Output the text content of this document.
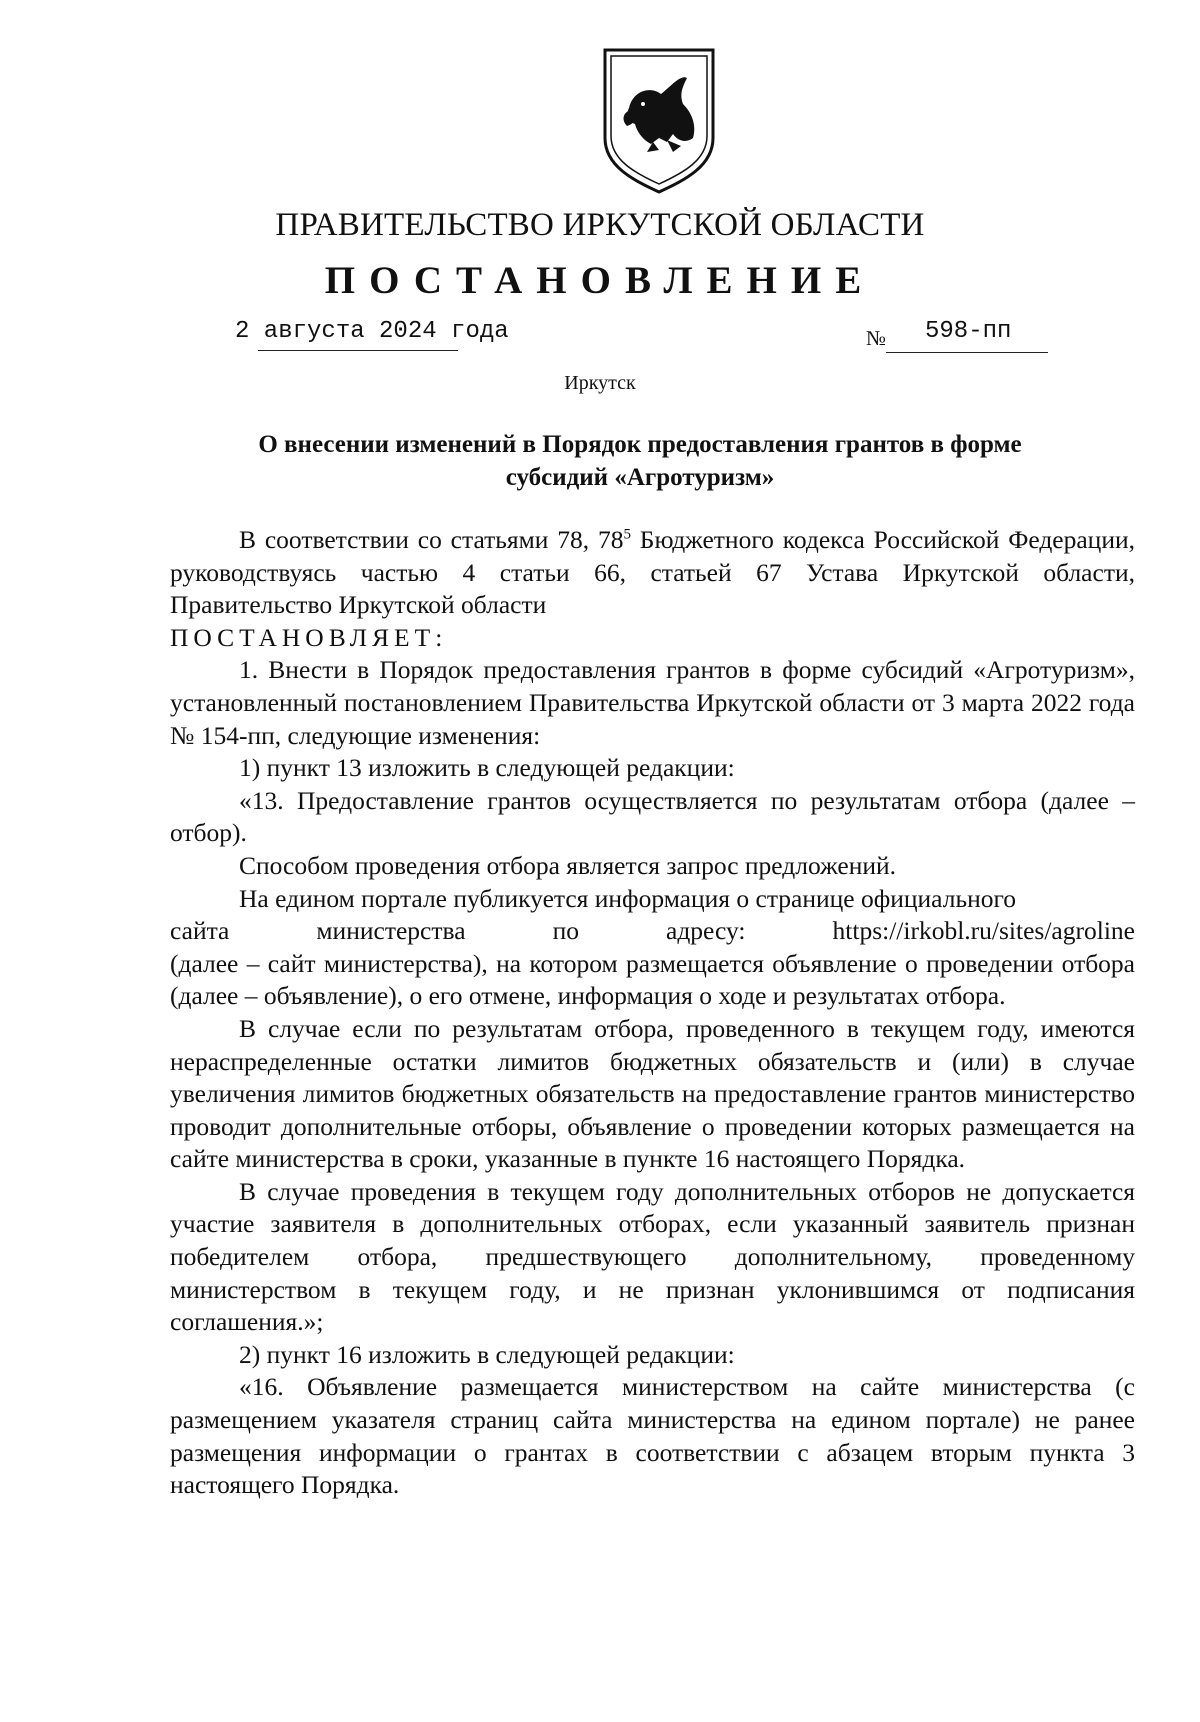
ПРАВИТЕЛЬСТВО ИРКУТСКОЙ ОБЛАСТИ
ПОСТАНОВЛЕНИЕ
2 августа 2024 года	№ 598-пп
Иркутск
О внесении изменений в Порядок предоставления грантов в форме
субсидий «Агротуризм»

В соответствии со статьями 78, $78^5$ Бюджетного кодекса Российской Федерации, руководствуясь частью 4 статьи 66, статьей 67 Устава Иркутской области, Правительство Иркутской области

ПОСТАНОВЛЯЕТ:

1. Внести в Порядок предоставления грантов в форме субсидий «Агротуризм», установленный постановлением Правительства Иркутской области от 3 марта 2022 года № 154-пп, следующие изменения:

1) пункт 13 изложить в следующей редакции:

«13. Предоставление грантов осуществляется по результатам отбора (далее – отбор).

Способом проведения отбора является запрос предложений.

На едином портале публикуется информация о странице официального

сайта	министерства	по	адресу:	https://irkobl.ru/sites/agroline

(далее – сайт министерства), на котором размещается объявление о проведении отбора (далее – объявление), о его отмене, информация о ходе и результатах отбора.

В случае если по результатам отбора, проведенного в текущем году, имеются нераспределенные остатки лимитов бюджетных обязательств и (или) в случае увеличения лимитов бюджетных обязательств на предоставление грантов министерство проводит дополнительные отборы, объявление о проведении которых размещается на сайте министерства в сроки, указанные в пункте 16 настоящего Порядка.

В случае проведения в текущем году дополнительных отборов не допускается участие заявителя в дополнительных отборах, если указанный заявитель признан победителем отбора, предшествующего дополнительному, проведенному министерством в текущем году, и не признан уклонившимся от подписания соглашения.»;

2) пункт 16 изложить в следующей редакции:

«16. Объявление размещается министерством на сайте министерства (с размещением указателя страниц сайта министерства на едином портале) не ранее размещения информации о грантах в соответствии с абзацем вторым пункта 3 настоящего Порядка.
